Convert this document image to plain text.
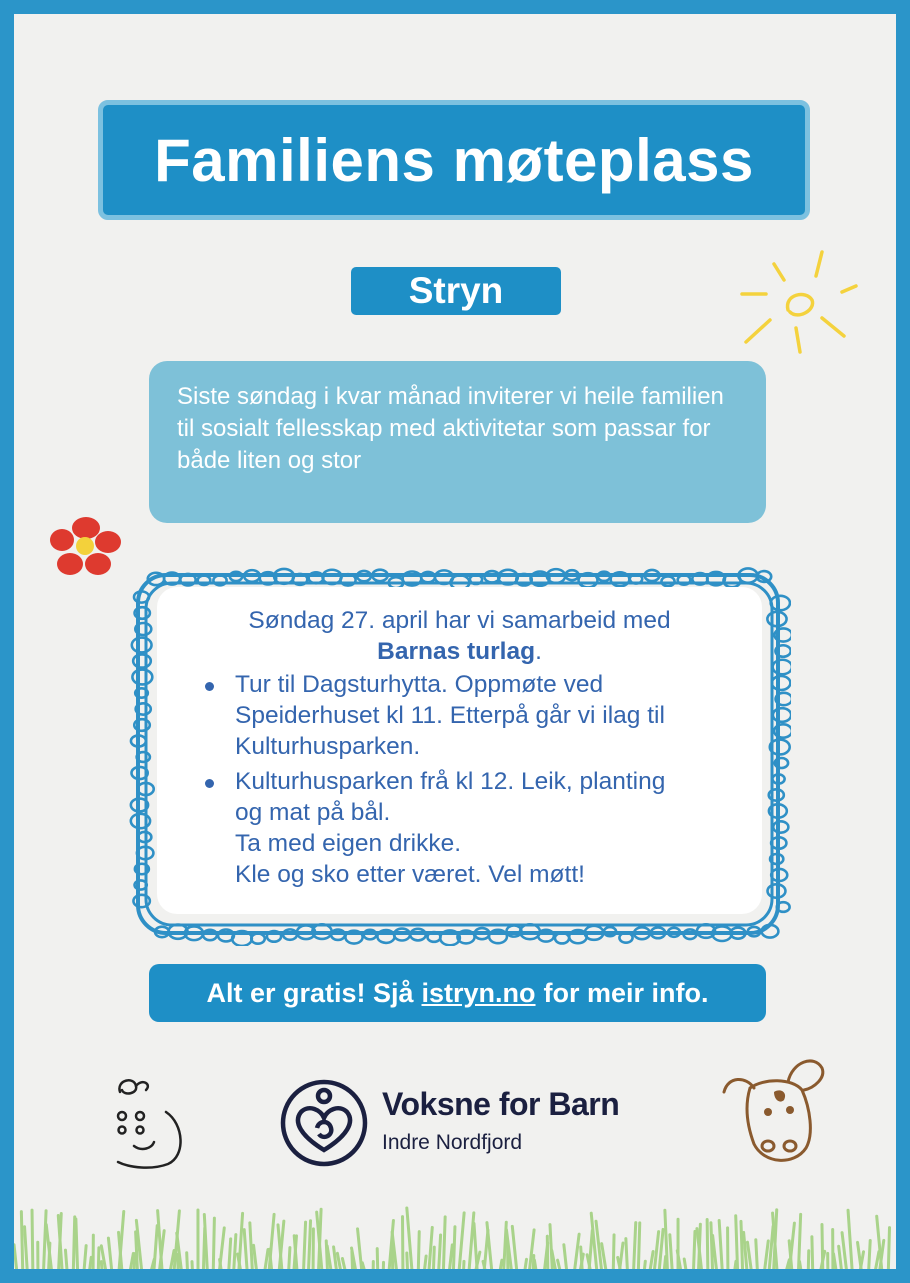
Familiens møteplass
Stryn

Siste søndag i kvar månad inviterer vi heile familien til sosialt fellesskap med aktivitetar som passar for både liten og stor

Søndag 27. april har vi samarbeid med
Barnas turlag.

Tur til Dagsturhytta. Oppmøte ved
Speiderhuset kl 11. Etterpå går vi ilag til
Kulturhusparken.
Kulturhusparken frå kl 12. Leik, planting
og mat på bål.
Ta med eigen drikke.
Kle og sko etter været. Vel møtt!
Alt er gratis! Sjå istryn.no for meir info.
Voksne for Barn
Indre Nordfjord
